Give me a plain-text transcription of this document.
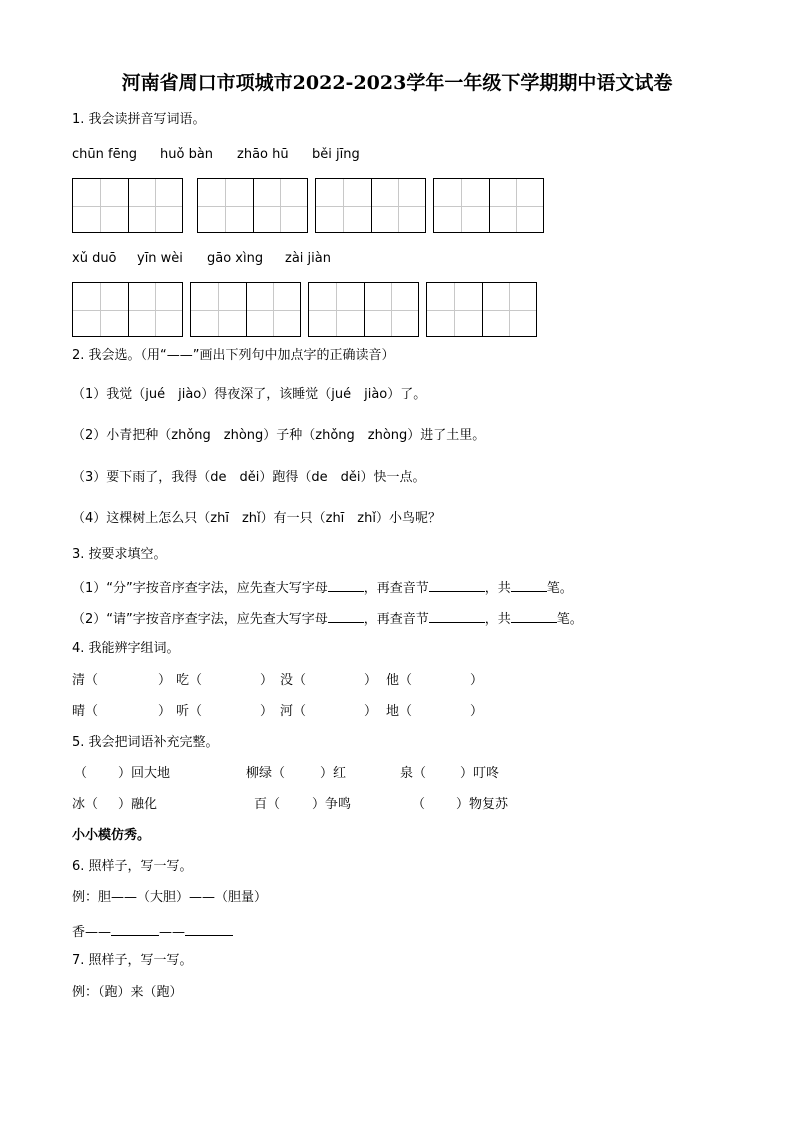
河南省周口市项城市2022-2023学年一年级下学期期中语文试卷
1. 我会读拼音写词语。
chūn fēng huǒ bàn zhāo hū běi jīng
xǔ duō yīn wèi gāo xìng zài jiàn
2. 我会选。（用“——”画出下列句中加点字的正确读音）
（1）我觉（jué　jiào）得夜深了，该睡觉（jué　jiào）了。
（2）小青把种（zhǒng　zhòng）子种（zhǒng　zhòng）进了土里。
（3）要下雨了，我得（de　děi）跑得（de　děi）快一点。
（4）这棵树上怎么只（zhī　zhǐ）有一只（zhī　zhǐ）小鸟呢？
3. 按要求填空。
（1）“分”字按音序查字法，应先查大写字母	，再查音节	，共	笔。
（2）“请”字按音序查字法，应先查大写字母	，再查音节	，共	笔。
4. 我能辨字组词。
清（	） 吃（	） 没（	） 他（	）
晴（	） 听（	） 河（	） 地（	）
5. 我会把词语补充完整。
（ ）回大地	柳绿（	）红	泉（	）叮咚
冰（ ）融化	百（ ）争鸣	（ ）物复苏
小小模仿秀。
6. 照样子，写一写。
例：胆——（大胆）——（胆量）
香——	——
7. 照样子，写一写。
例：（跑）来（跑）
